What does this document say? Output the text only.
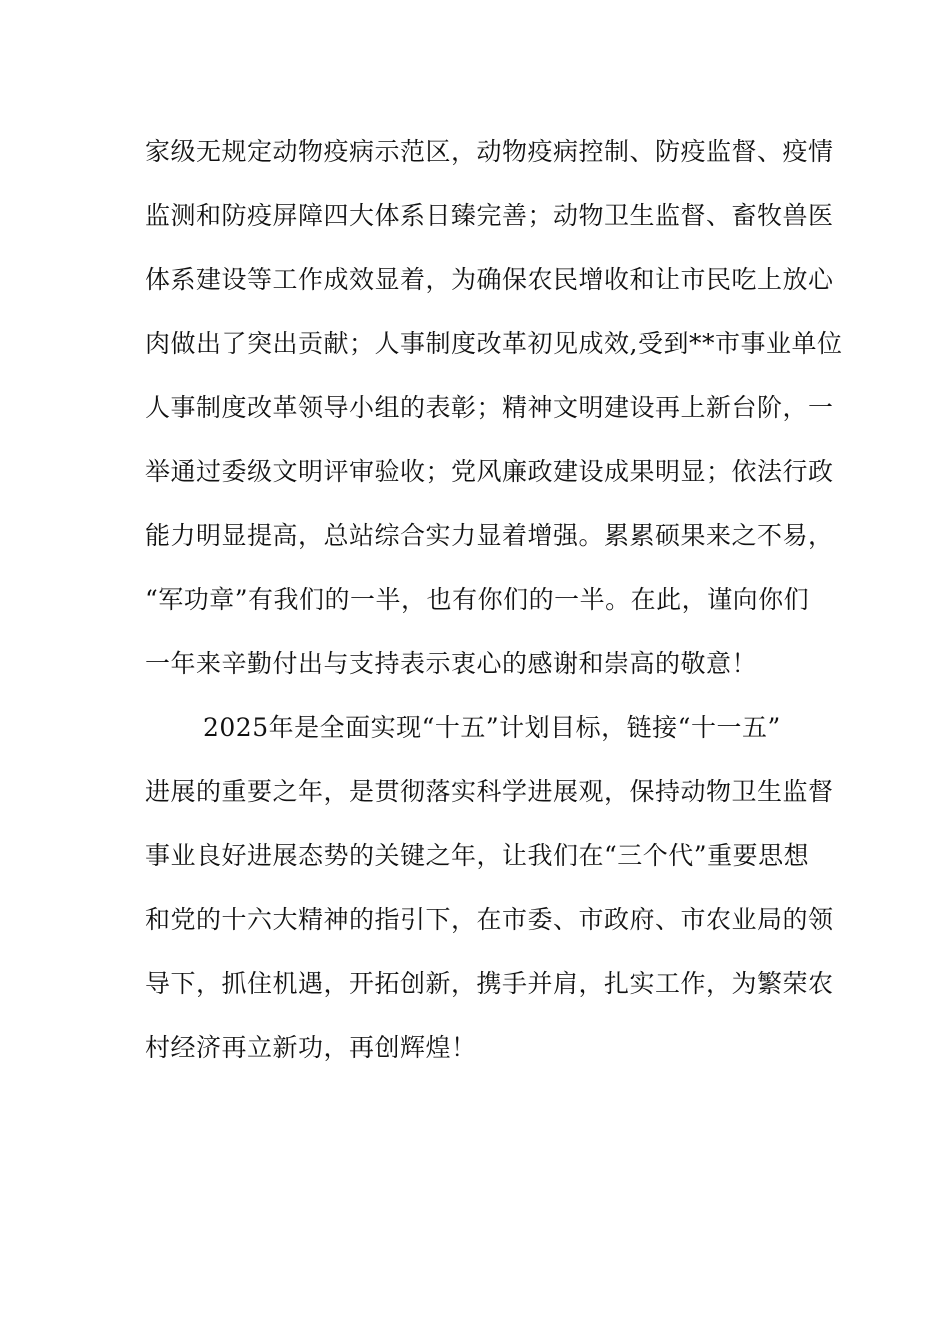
家级无规定动物疫病示范区，动物疫病控制、防疫监督、疫情
监测和防疫屏障四大体系日臻完善；动物卫生监督、畜牧兽医
体系建设等工作成效显着，为确保农民增收和让市民吃上放心
肉做出了突出贡献；人事制度改革初见成效,受到**市事业单位
人事制度改革领导小组的表彰；精神文明建设再上新台阶，一
举通过委级文明评审验收；党风廉政建设成果明显；依法行政
能力明显提高，总站综合实力显着增强。累累硕果来之不易，
“军功章”有我们的一半，也有你们的一半。在此，谨向你们
一年来辛勤付出与支持表示衷心的感谢和崇高的敬意！
2025年是全面实现“十五”计划目标，链接“十一五”
进展的重要之年，是贯彻落实科学进展观，保持动物卫生监督
事业良好进展态势的关键之年，让我们在“三个代”重要思想
和党的十六大精神的指引下，在市委、市政府、市农业局的领
导下，抓住机遇，开拓创新，携手并肩，扎实工作，为繁荣农
村经济再立新功，再创辉煌！
